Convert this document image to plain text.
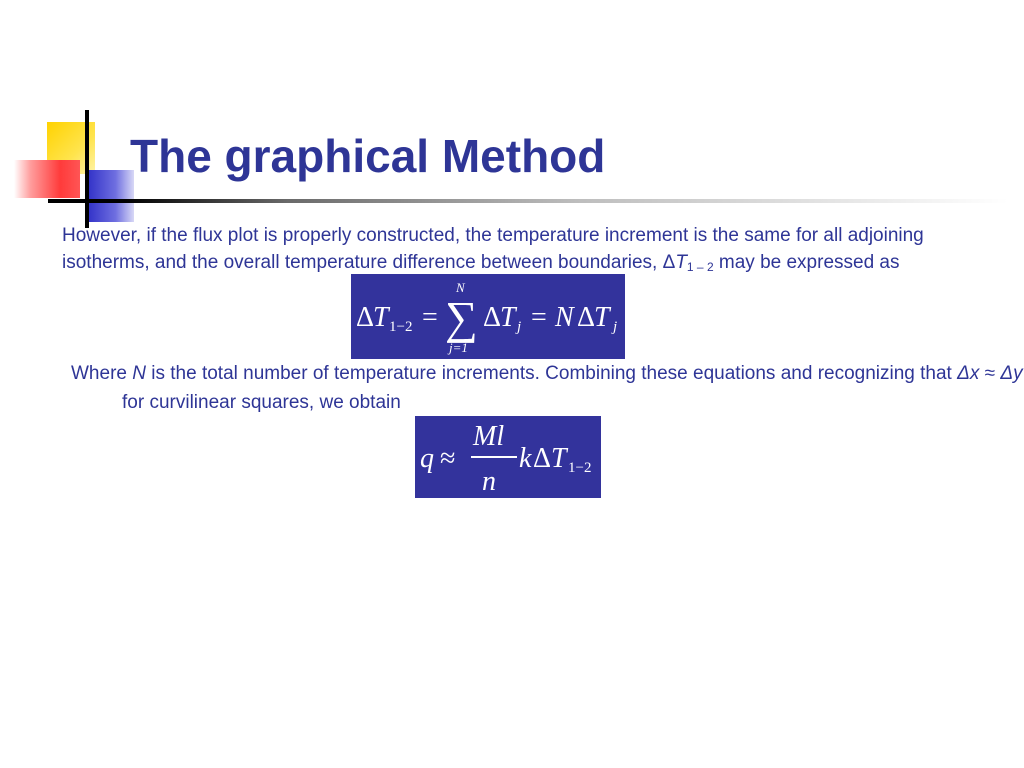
The graphical Method

However, if the flux plot is properly constructed, the temperature increment is the same for all adjoining isotherms, and the overall temperature difference between boundaries, $\Delta T_{1 - 2}$ may be expressed as

Δ
T 1−2 =
N
∑
j=1
Δ
T j = N Δ
T j

Where N is the total number of temperature increments. Combining these equations and recognizing that Δx ≈ Δy for curvilinear squares, we obtain

q ≈
Ml
n
k Δ T 1−2
